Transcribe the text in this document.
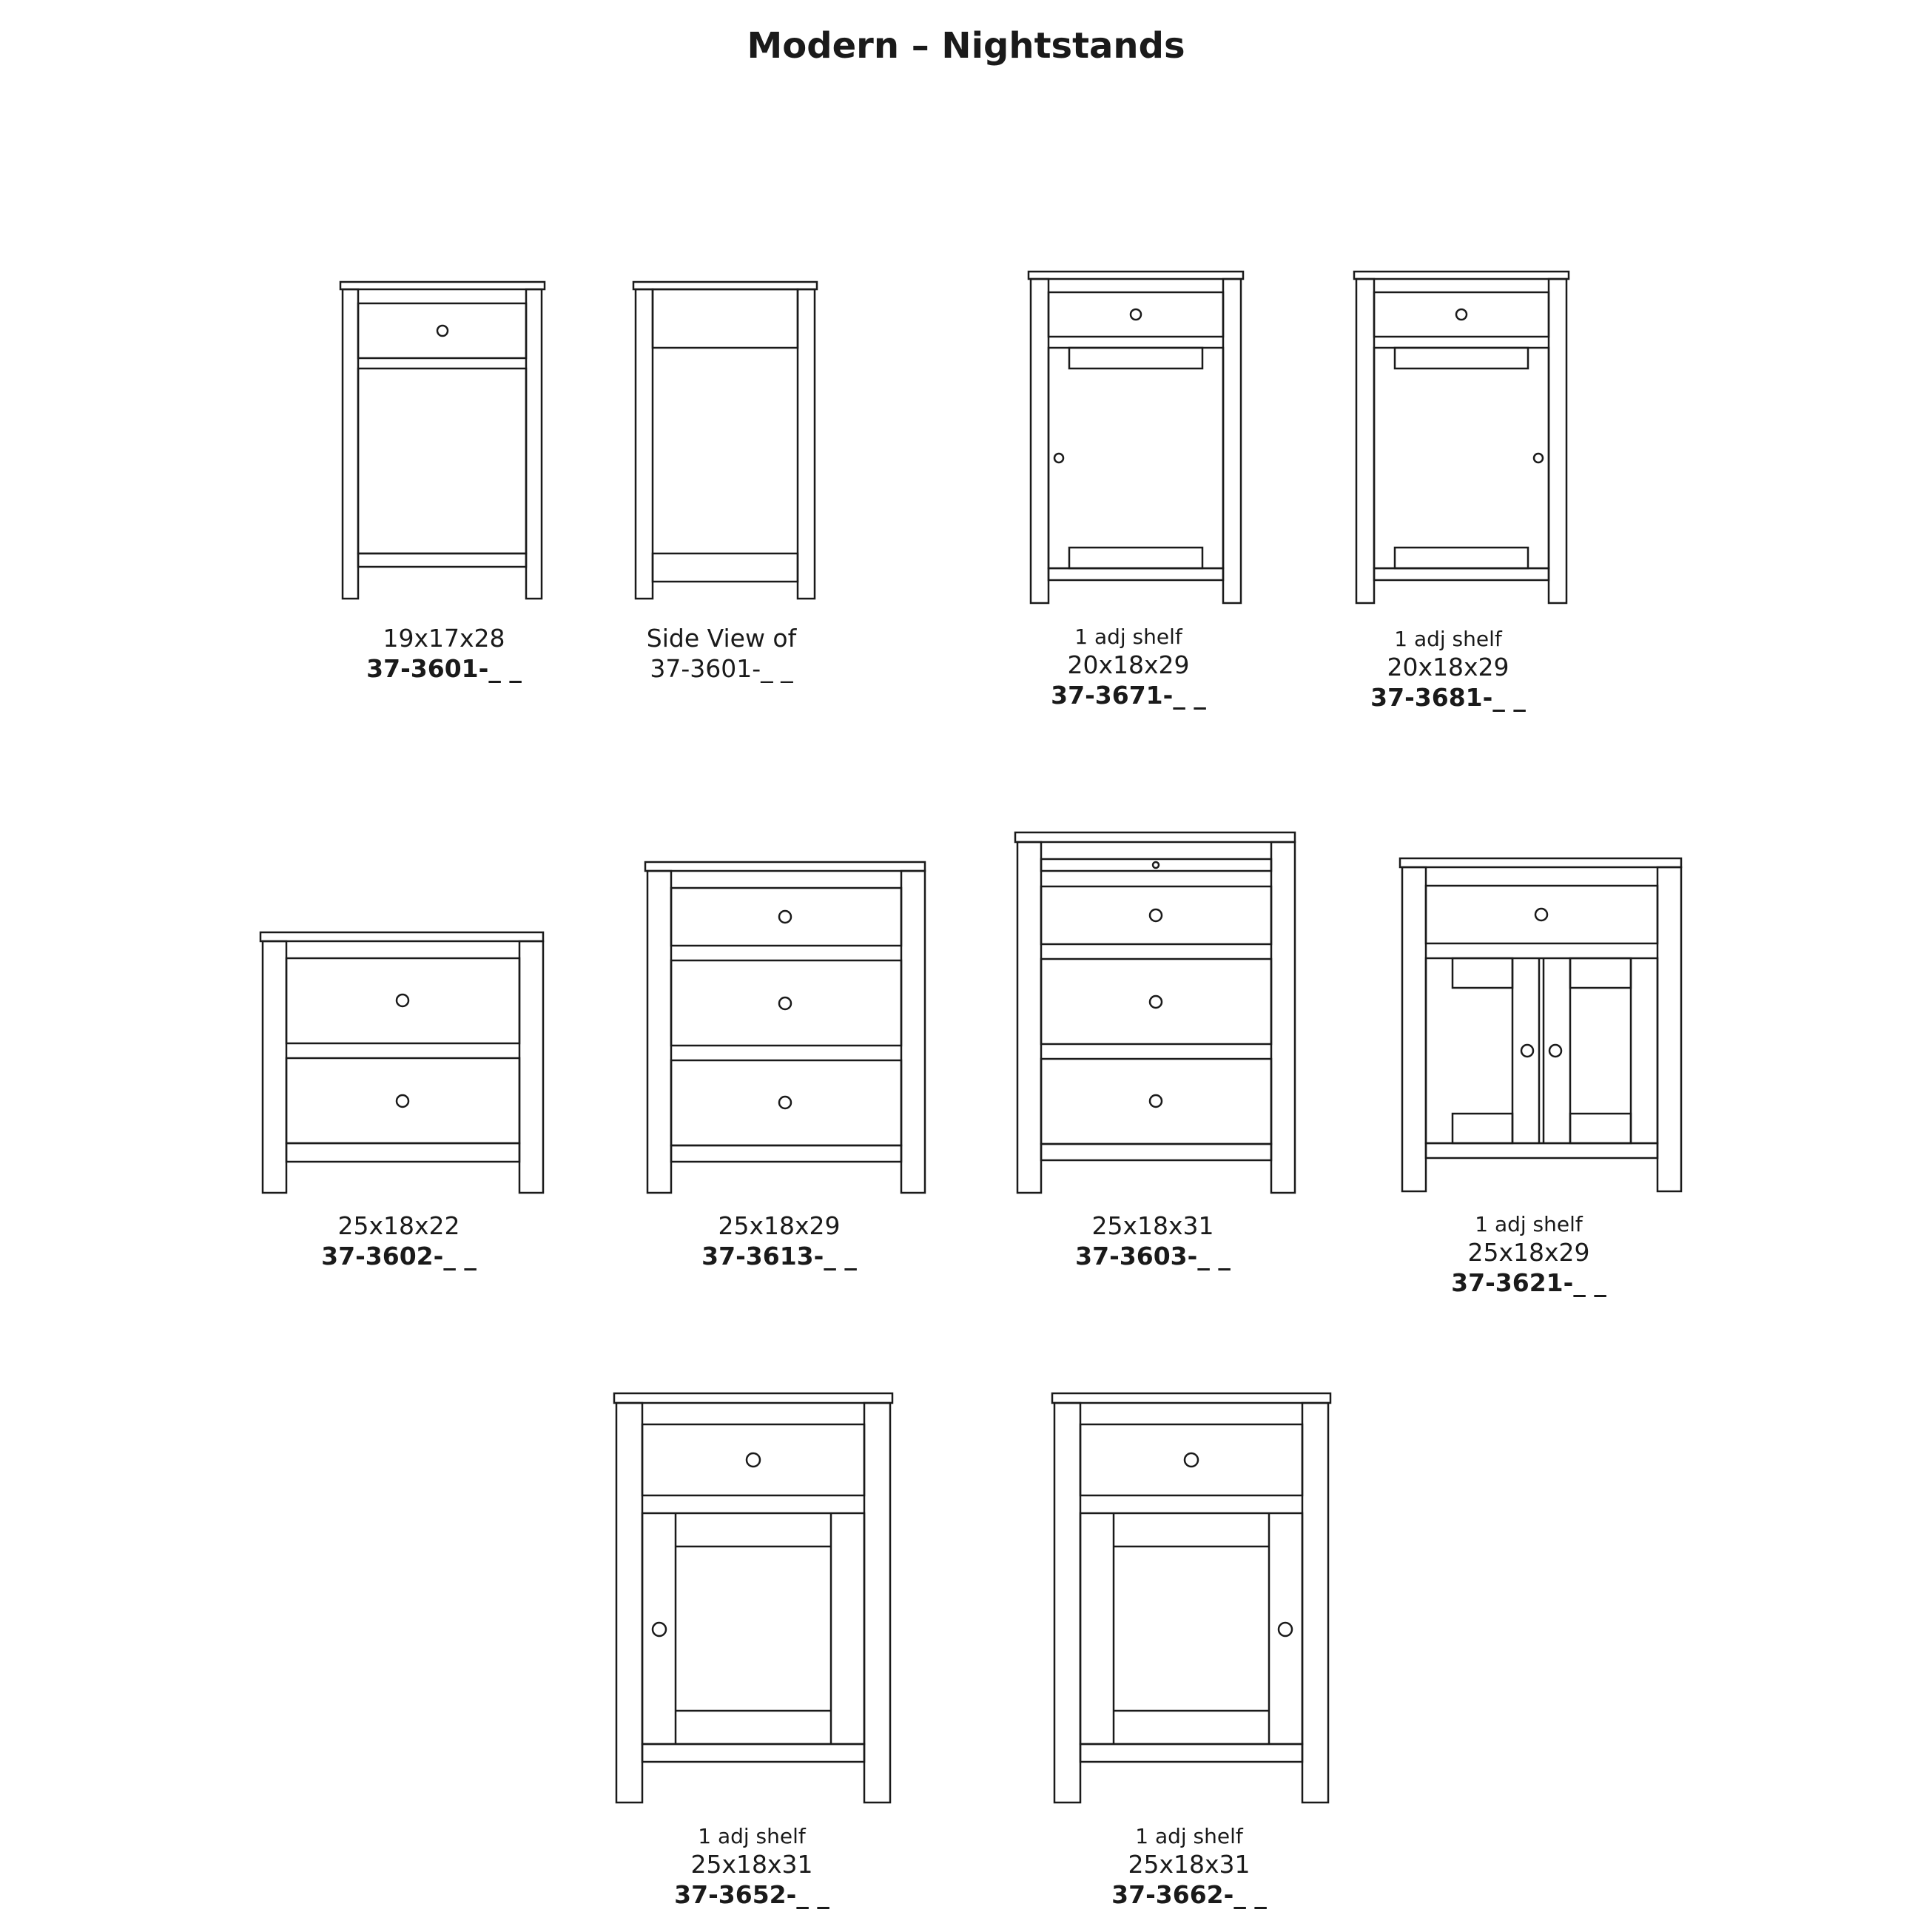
Modern – Nightstands
19x17x28
37-3601-_ _
Side View of
37-3601-_ _
1 adj shelf
20x18x29
37-3671-_ _
1 adj shelf
20x18x29
37-3681-_ _
25x18x22
37-3602-_ _
25x18x29
37-3613-_ _
25x18x31
37-3603-_ _
1 adj shelf
25x18x29
37-3621-_ _
1 adj shelf
25x18x31
37-3652-_ _
1 adj shelf
25x18x31
37-3662-_ _
